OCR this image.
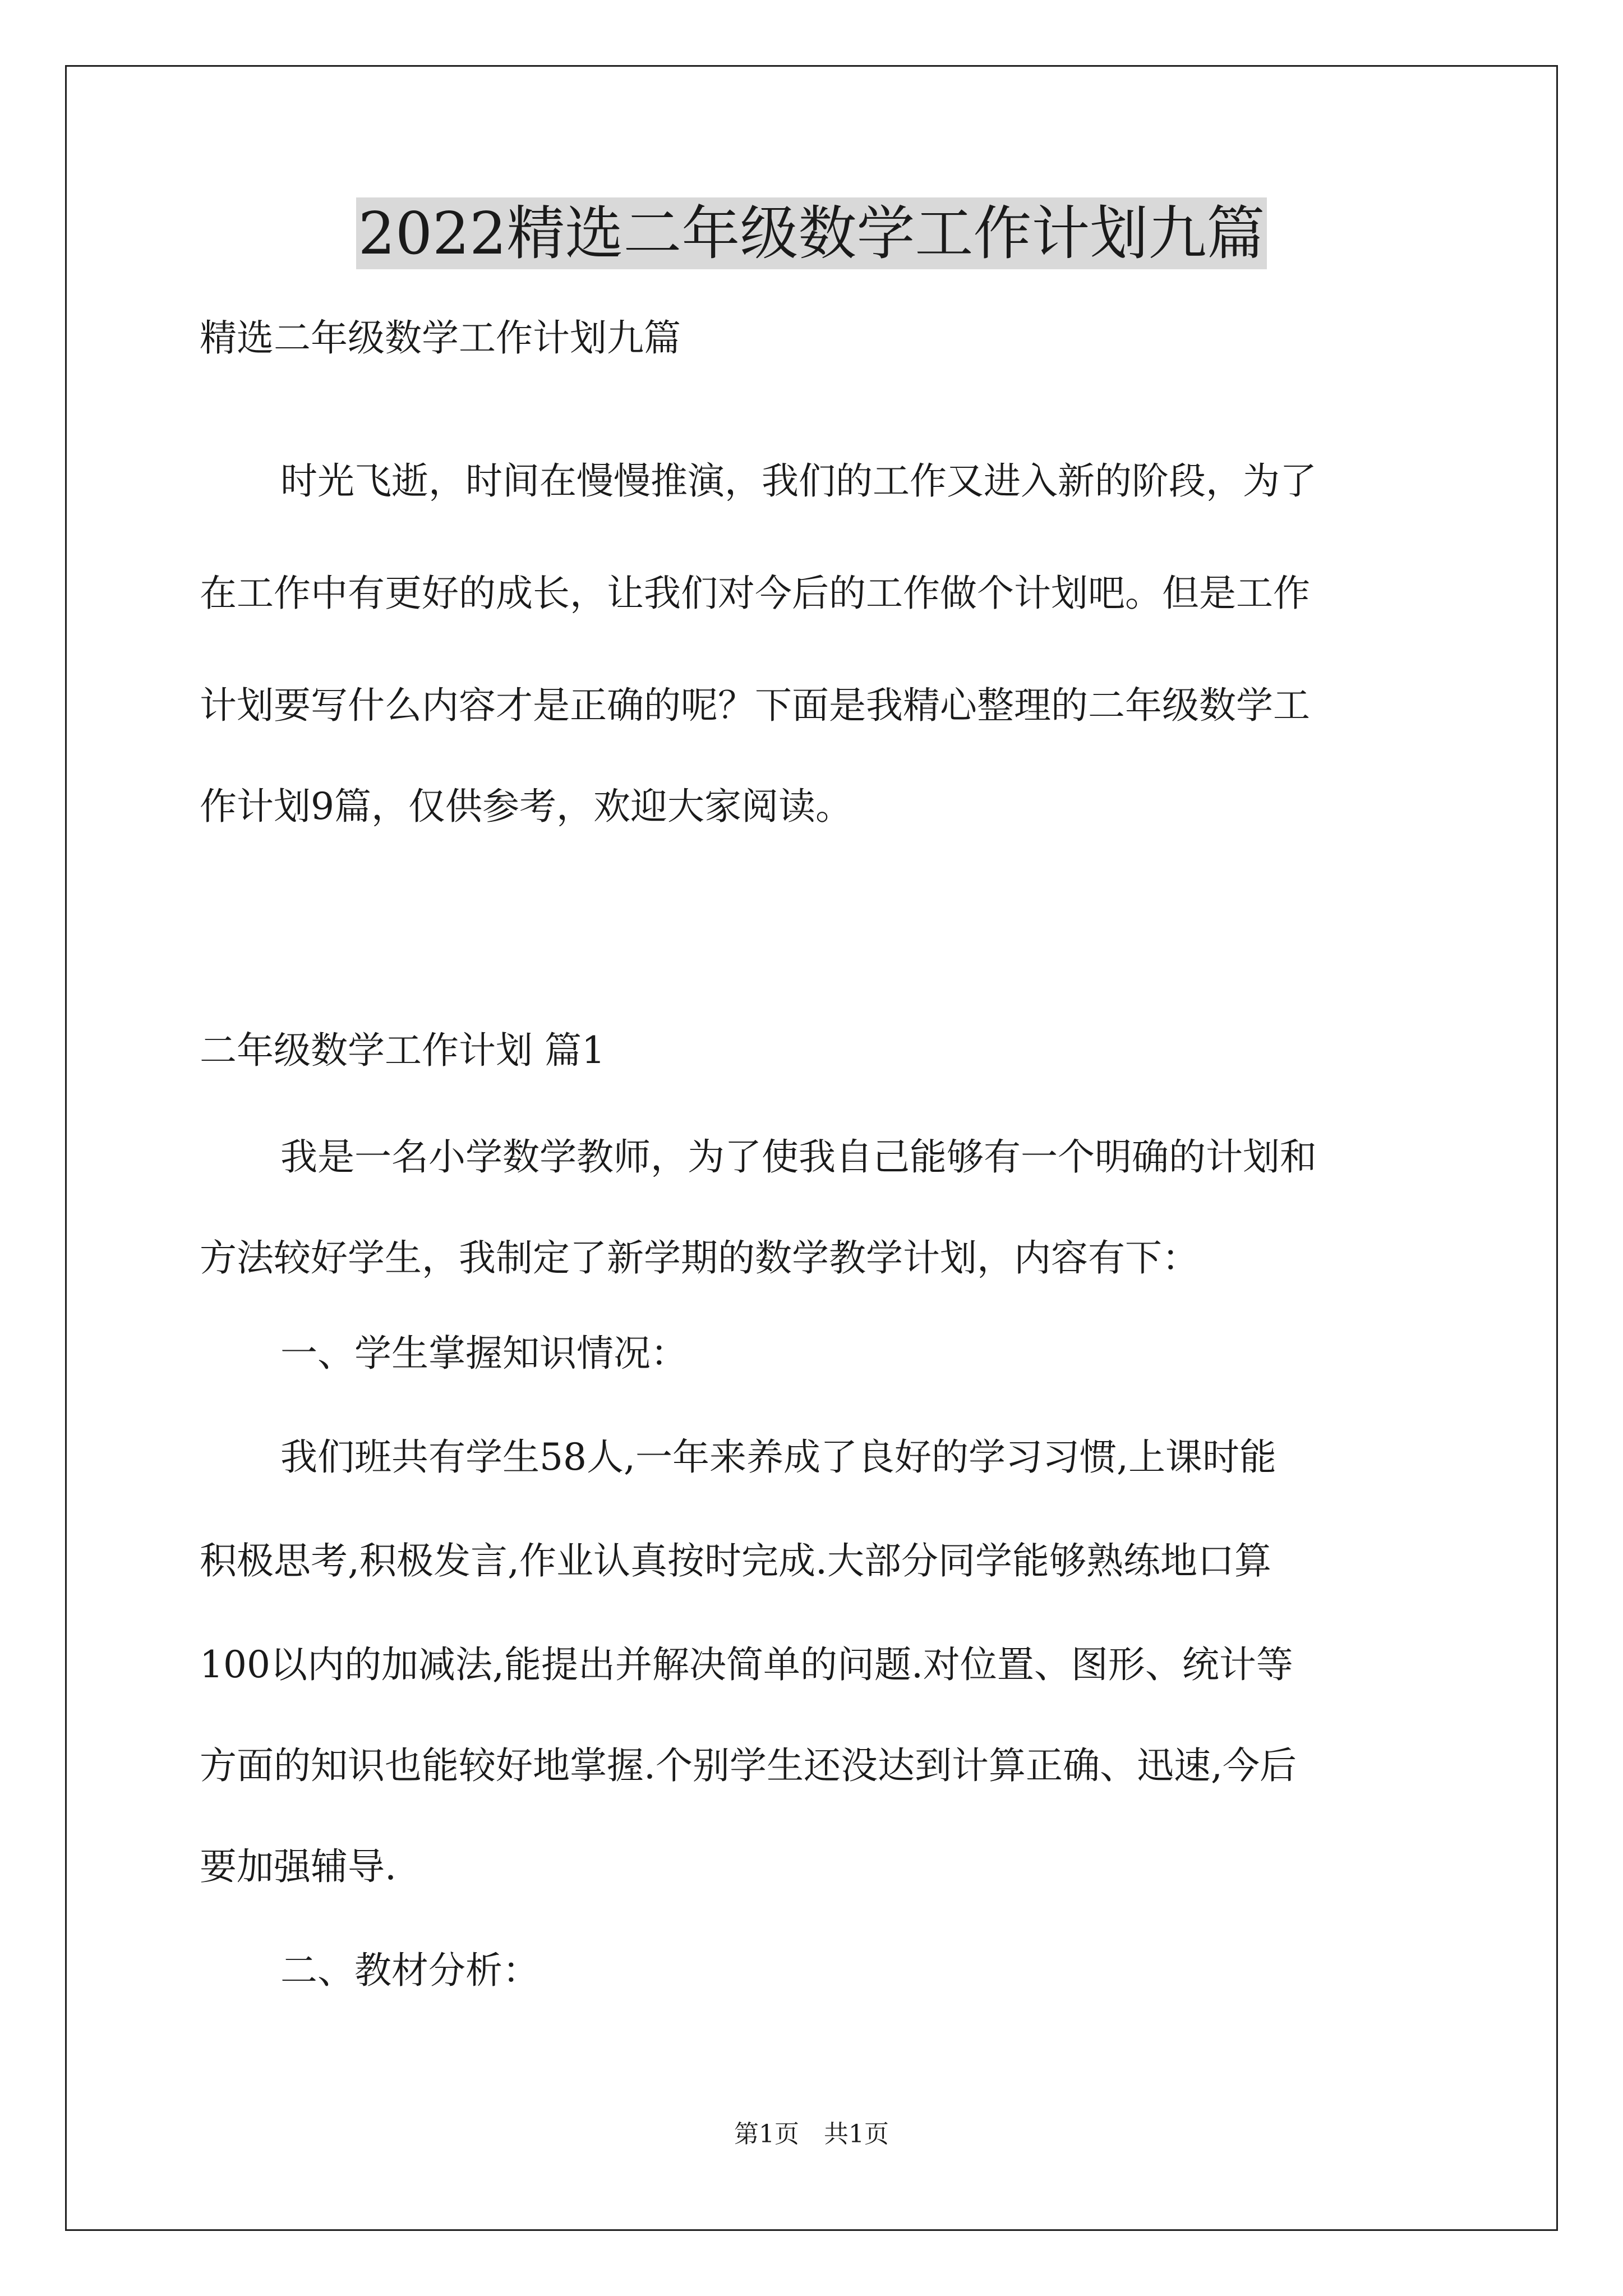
2022精选二年级数学工作计划九篇
精选二年级数学工作计划九篇
时光飞逝，时间在慢慢推演，我们的工作又进入新的阶段，为了
在工作中有更好的成长，让我们对今后的工作做个计划吧。但是工作
计划要写什么内容才是正确的呢？下面是我精心整理的二年级数学工
作计划9篇，仅供参考，欢迎大家阅读。
二年级数学工作计划 篇1
我是一名小学数学教师，为了使我自己能够有一个明确的计划和
方法较好学生，我制定了新学期的数学教学计划，内容有下：
一、学生掌握知识情况：
我们班共有学生58人,一年来养成了良好的学习习惯,上课时能
积极思考,积极发言,作业认真按时完成.大部分同学能够熟练地口算
100以内的加减法,能提出并解决简单的问题.对位置、图形、统计等
方面的知识也能较好地掌握.个别学生还没达到计算正确、迅速,今后
要加强辅导.
二、教材分析：
第1页　共1页
